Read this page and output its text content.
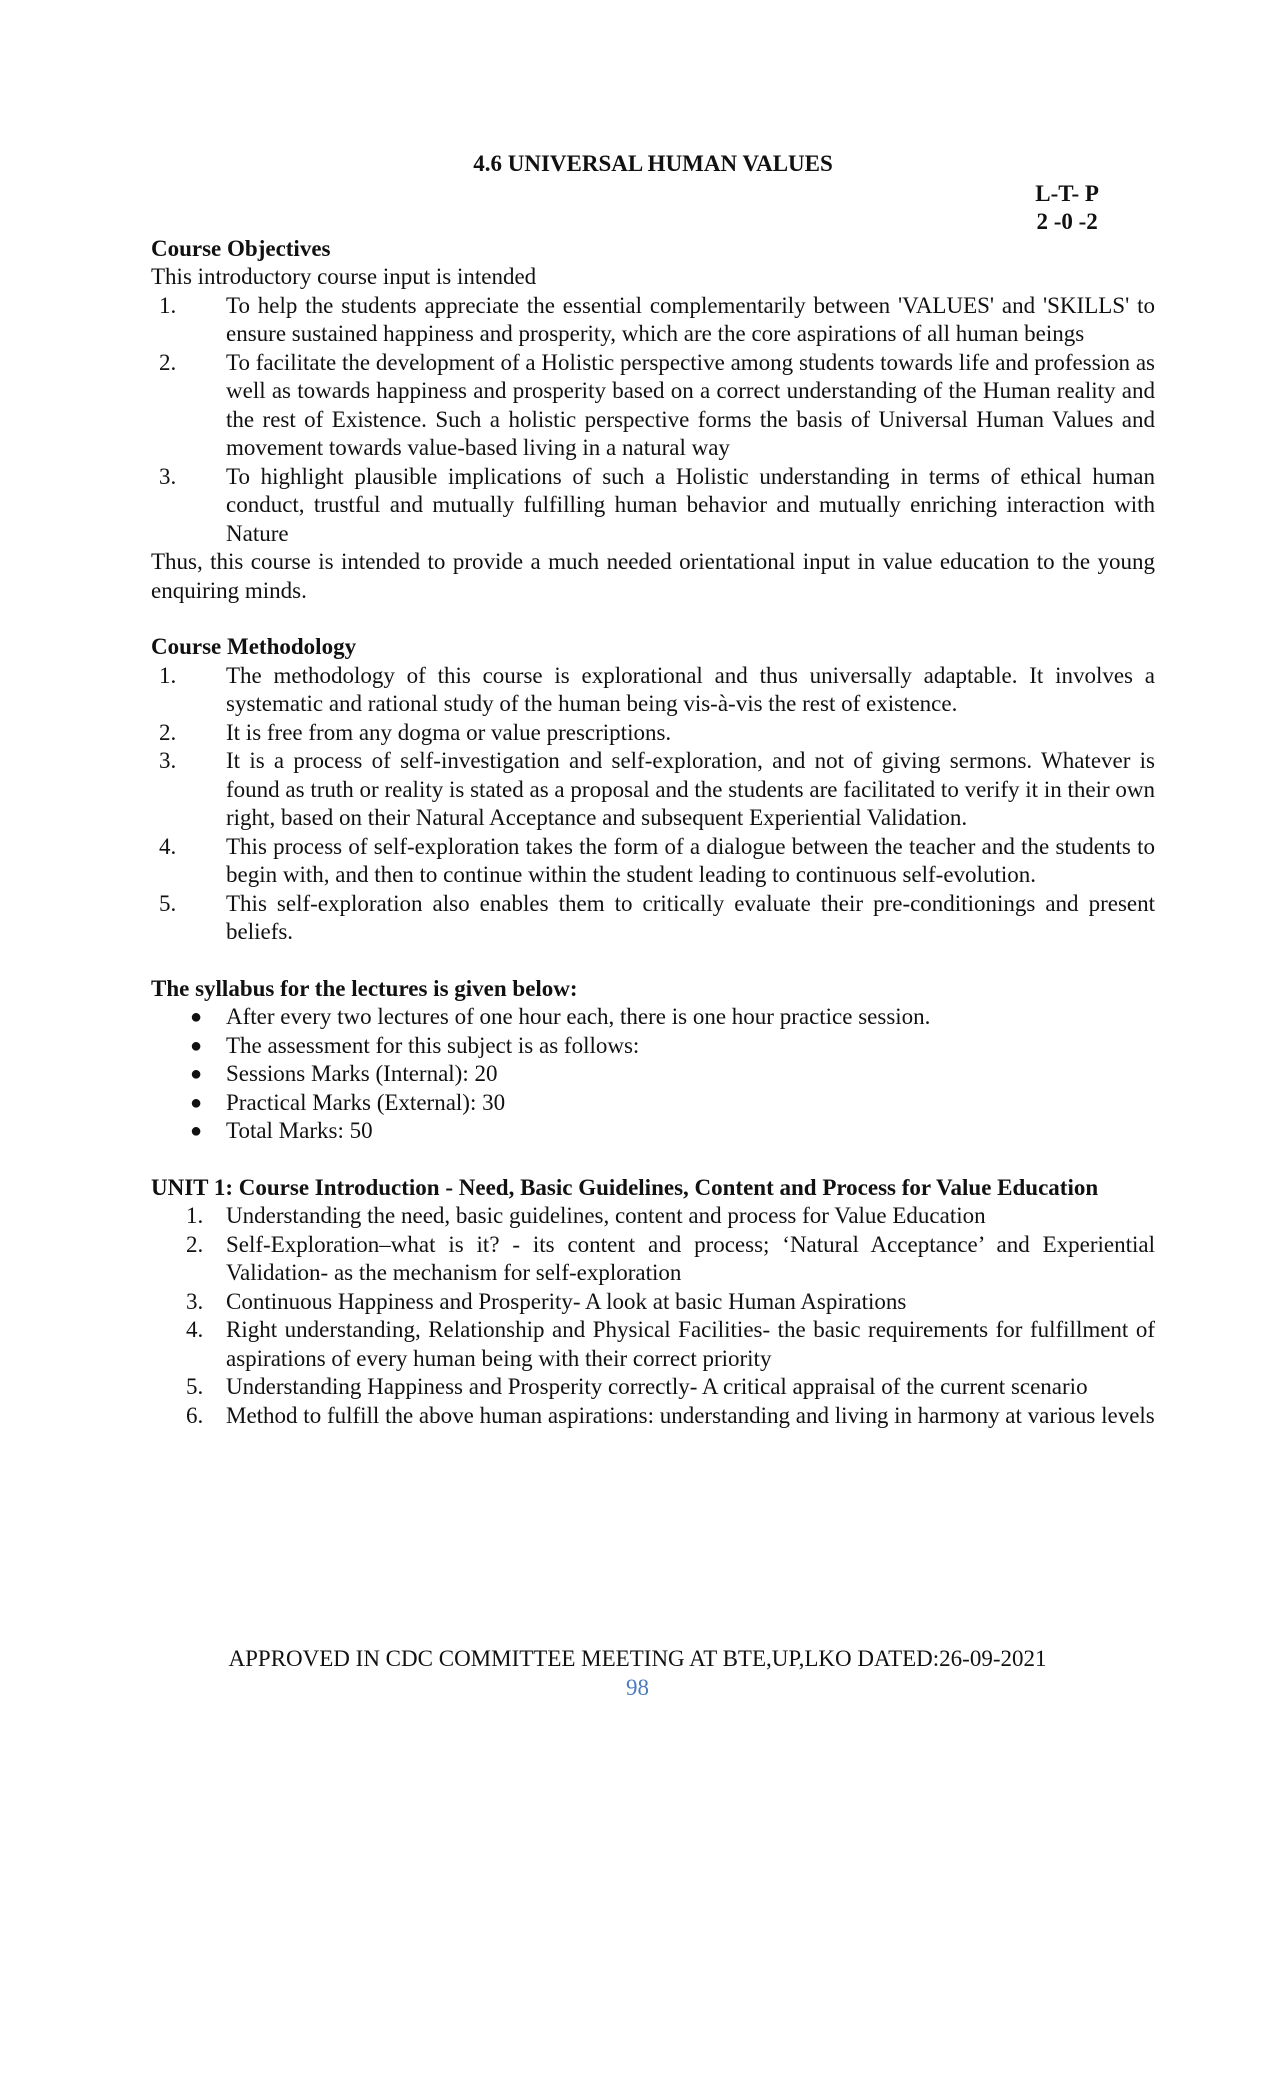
4.6 UNIVERSAL HUMAN VALUES
L-T- P
2 -0 -2

Course Objectives

This introductory course input is intended

1. To help the students appreciate the essential complementarily between 'VALUES' and 'SKILLS' to ensure sustained happiness and prosperity, which are the core aspirations of all human beings
2. To facilitate the development of a Holistic perspective among students towards life and profession as well as towards happiness and prosperity based on a correct understanding of the Human reality and the rest of Existence. Such a holistic perspective forms the basis of Universal Human Values and movement towards value-based living in a natural way
3. To highlight plausible implications of such a Holistic understanding in terms of ethical human conduct, trustful and mutually fulfilling human behavior and mutually enriching interaction with Nature

Thus, this course is intended to provide a much needed orientational input in value education to the young enquiring minds.

Course Methodology

1. The methodology of this course is explorational and thus universally adaptable. It involves a systematic and rational study of the human being vis-à-vis the rest of existence.
2. It is free from any dogma or value prescriptions.
3. It is a process of self-investigation and self-exploration, and not of giving sermons. Whatever is found as truth or reality is stated as a proposal and the students are facilitated to verify it in their own right, based on their Natural Acceptance and subsequent Experiential Validation.
4. This process of self-exploration takes the form of a dialogue between the teacher and the students to begin with, and then to continue within the student leading to continuous self-evolution.
5. This self-exploration also enables them to critically evaluate their pre-conditionings and present beliefs.

The syllabus for the lectures is given below:

● After every two lectures of one hour each, there is one hour practice session.
● The assessment for this subject is as follows:
● Sessions Marks (Internal): 20
● Practical Marks (External): 30
● Total Marks: 50

UNIT 1: Course Introduction - Need, Basic Guidelines, Content and Process for Value Education

1. Understanding the need, basic guidelines, content and process for Value Education
2. Self-Exploration–what is it? - its content and process; ‘Natural Acceptance’ and Experiential Validation- as the mechanism for self-exploration
3. Continuous Happiness and Prosperity- A look at basic Human Aspirations
4. Right understanding, Relationship and Physical Facilities- the basic requirements for fulfillment of aspirations of every human being with their correct priority
5. Understanding Happiness and Prosperity correctly- A critical appraisal of the current scenario
6. Method to fulfill the above human aspirations: understanding and living in harmony at various levels
APPROVED IN CDC COMMITTEE MEETING AT BTE,UP,LKO DATED:26-09-2021
98
